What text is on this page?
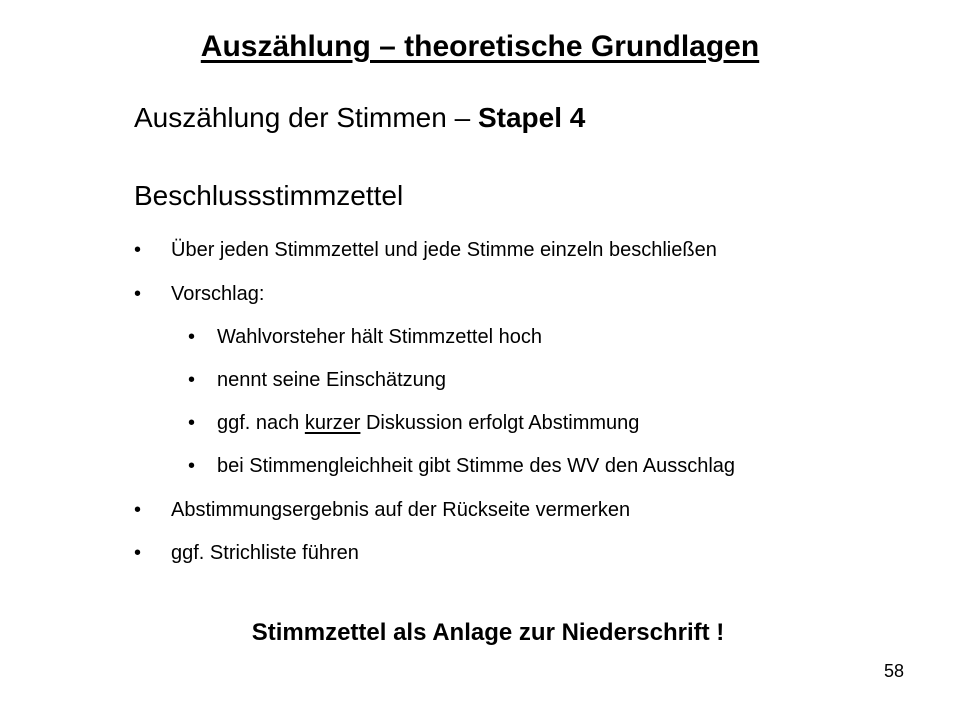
Auszählung – theoretische Grundlagen
Auszählung der Stimmen – Stapel 4
Beschlussstimmzettel
• Über jeden Stimmzettel und jede Stimme einzeln beschließen
• Vorschlag:
• Wahlvorsteher hält Stimmzettel hoch
• nennt seine Einschätzung
• ggf. nach kurzer Diskussion erfolgt Abstimmung
• bei Stimmengleichheit gibt Stimme des WV den Ausschlag
• Abstimmungsergebnis auf der Rückseite vermerken
• ggf. Strichliste führen
Stimmzettel als Anlage zur Niederschrift !
58
